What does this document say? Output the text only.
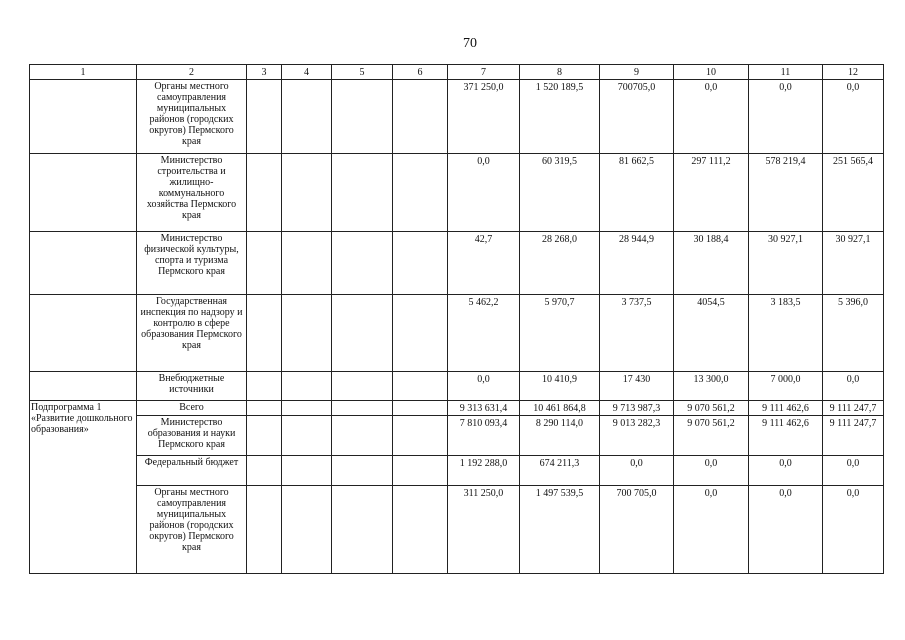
70
1	2	3	4	5	6	7	8	9	10	11	12
	Органы местного самоуправления муниципальных районов (городских округов) Пермского края					371 250,0	1 520 189,5	700705,0	0,0	0,0	0,0
	Министерство строительства и жилищно-коммунального хозяйства Пермского края					0,0	60 319,5	81 662,5	297 111,2	578 219,4	251 565,4
	Министерство физической культуры, спорта и туризма Пермского края					42,7	28 268,0	28 944,9	30 188,4	30 927,1	30 927,1
	Государственная инспекция по надзору и контролю в сфере образования Пермского края					5 462,2	5 970,7	3 737,5	4054,5	3 183,5	5 396,0
	Внебюджетные источники					0,0	10 410,9	17 430	13 300,0	7 000,0	0,0
Подпрограмма 1 «Развитие дошкольного образования»	Всего					9 313 631,4	10 461 864,8	9 713 987,3	9 070 561,2	9 111 462,6	9 111 247,7
	Министерство образования и науки Пермского края					7 810 093,4	8 290 114,0	9 013 282,3	9 070 561,2	9 111 462,6	9 111 247,7
	Федеральный бюджет					1 192 288,0	674 211,3	0,0	0,0	0,0	0,0
	Органы местного самоуправления муниципальных районов (городских округов) Пермского края					311 250,0	1 497 539,5	700 705,0	0,0	0,0	0,0
